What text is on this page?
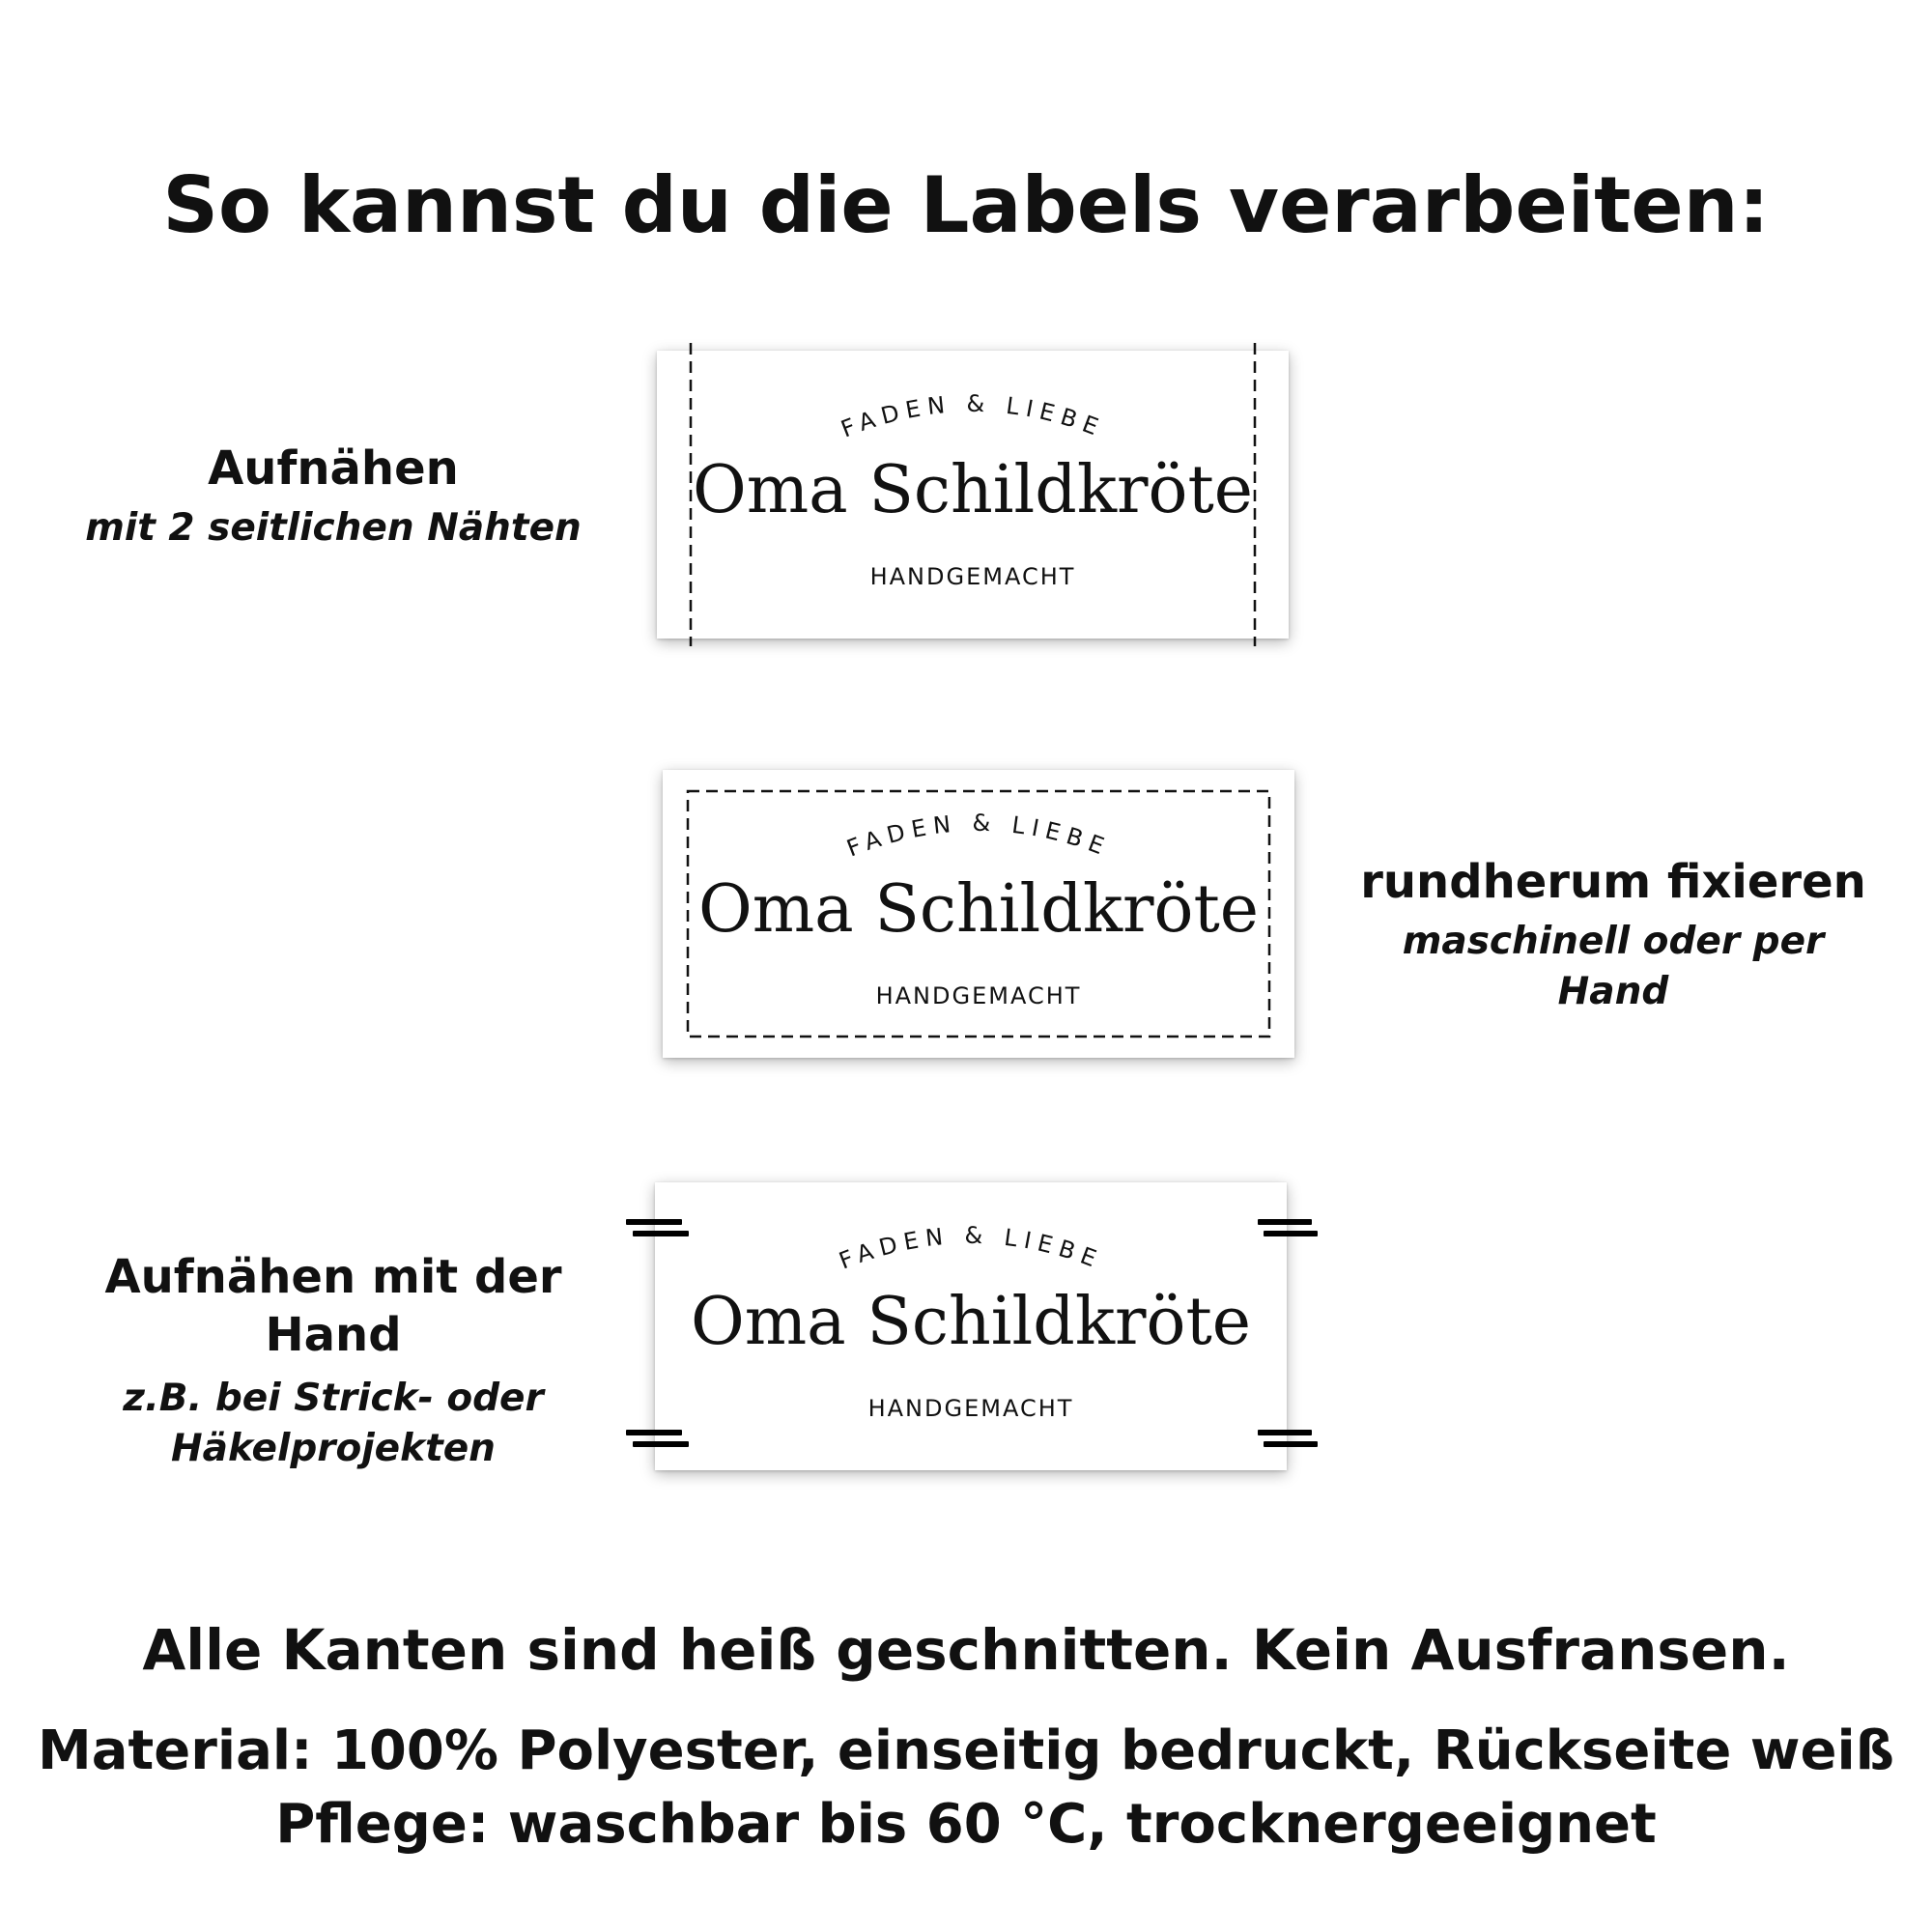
So kannst du die Labels verarbeiten:
Aufnähen
mit 2 seitlichen Nähten
FADEN & LIEBE
Oma Schildkröte
HANDGEMACHT
FADEN & LIEBE
Oma Schildkröte
HANDGEMACHT
rundherum fixieren
maschinell oder per Hand
Aufnähen mit der Hand
z.B. bei Strick- oder
Häkelprojekten
FADEN & LIEBE
Oma Schildkröte
HANDGEMACHT
Alle Kanten sind heiß geschnitten. Kein Ausfransen.
Material: 100% Polyester, einseitig bedruckt, Rückseite weiß
Pflege: waschbar bis 60 °C, trocknergeeignet
